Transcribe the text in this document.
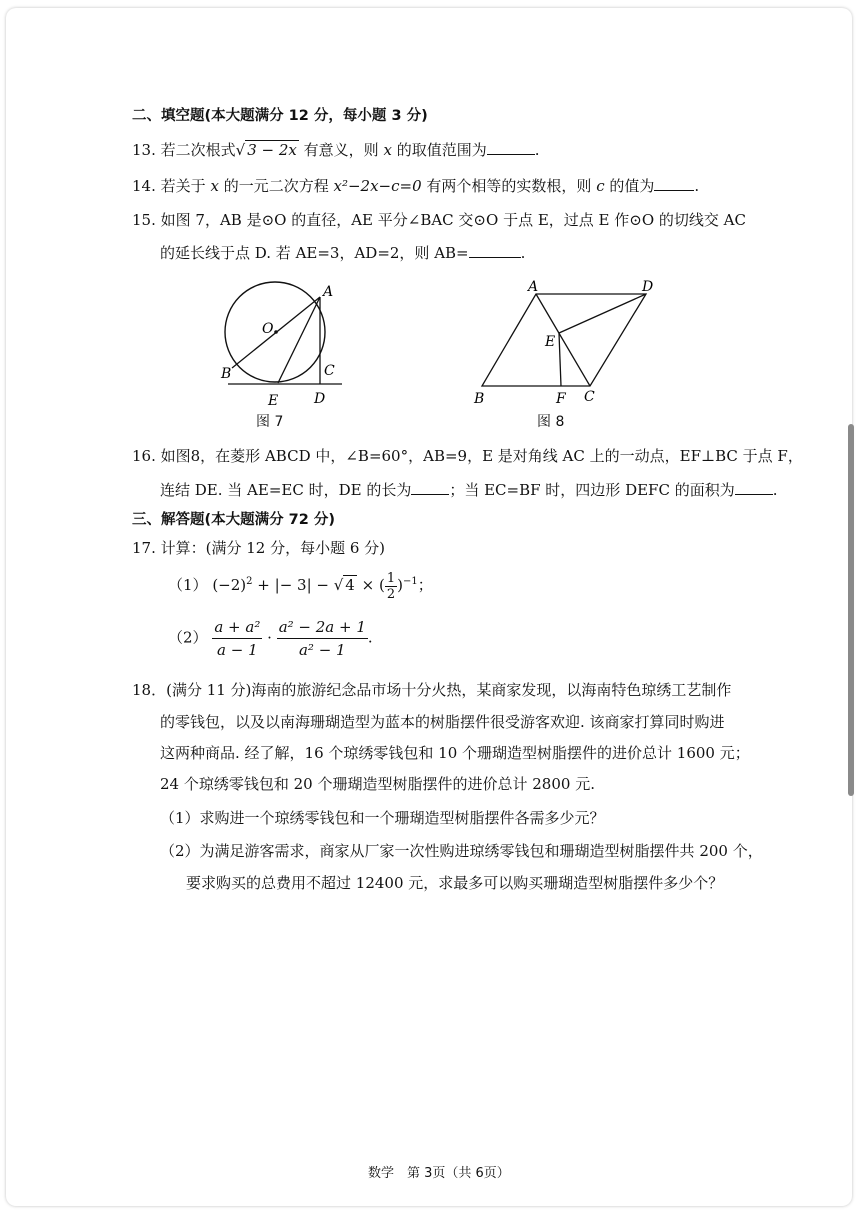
二、填空题(本大题满分 12 分，每小题 3 分)
13. 若二次根式√ 3 − 2x 有意义，则 x 的取值范围为	.
14. 若关于 x 的一元二次方程 x²−2x−c=0 有两个相等的实数根，则 c 的值为	.
15. 如图 7，AB 是⊙O 的直径，AE 平分∠BAC 交⊙O 于点 E，过点 E 作⊙O 的切线交 AC
的延长线于点 D. 若 AE=3，AD=2，则 AB=	.
A
O
B	C
E	D
图 7
A	D
E
B	F C
图 8
16. 如图8，在菱形 ABCD 中，∠B=60°，AB=9，E 是对角线 AC 上的一动点，EF⊥BC 于点 F，
连结 DE. 当 AE=EC 时，DE 的长为	；当 EC=BF 时，四边形 DEFC 的面积为	.
三、解答题(本大题满分 72 分)
17. 计算：(满分 12 分，每小题 6 分)
（1） $(-2)^2$ + |− 3| − √ 4 × ( $\frac{1}{2} )^{-1}$；
$(2) \frac{\text{a + a²}}{a - 1} \cdot \frac{\text{a² − 2a + 1}}{\text{a² − 1}}$ .
18．(满分 11 分)海南的旅游纪念品市场十分火热，某商家发现，以海南特色琼绣工艺制作
的零钱包，以及以南海珊瑚造型为蓝本的树脂摆件很受游客欢迎. 该商家打算同时购进
这两种商品. 经了解，16 个琼绣零钱包和 10 个珊瑚造型树脂摆件的进价总计 1600 元；
24 个琼绣零钱包和 20 个珊瑚造型树脂摆件的进价总计 2800 元.
（1）求购进一个琼绣零钱包和一个珊瑚造型树脂摆件各需多少元？
（2）为满足游客需求，商家从厂家一次性购进琼绣零钱包和珊瑚造型树脂摆件共 200 个，
要求购买的总费用不超过 12400 元，求最多可以购买珊瑚造型树脂摆件多少个？
数学　第 3页（共 6页）
